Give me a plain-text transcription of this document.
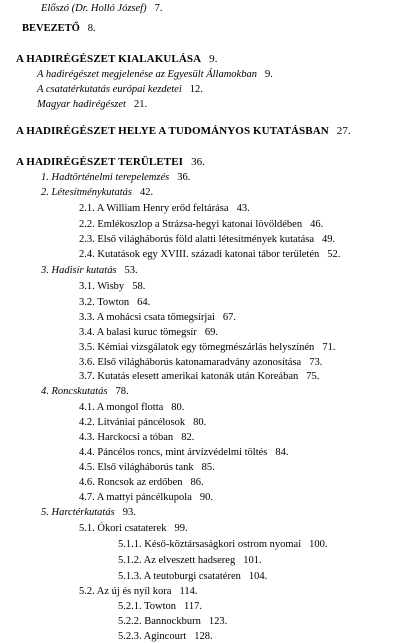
Előszó (Dr. Holló József) 7.
BEVEZETŐ 8.
A HADIRÉGÉSZET KIALAKULÁSA 9.
A hadirégészet megjelenése az Egyesült Államokban 9.
A csatatérkutatás európai kezdetei 12.
Magyar hadirégészet 21.
A HADIRÉGÉSZET HELYE A TUDOMÁNYOS KUTATÁSBAN 27.
A HADIRÉGÉSZET TERÜLETEI 36.
1. Hadtörténelmi terepelemzés 36.
2. Létesítménykutatás 42.
2.1. A William Henry erőd feltárása 43.
2.2. Emlékoszlop a Strázsa-hegyi katonai lövöldében 46.
2.3. Első világháborús föld alatti létesítmények kutatása 49.
2.4. Kutatások egy XVIII. századi katonai tábor területén 52.
3. Hadisír kutatás 53.
3.1. Wisby 58.
3.2. Towton 64.
3.3. A mohácsi csata tömegsírjai 67.
3.4. A balasi kuruc tömegsír 69.
3.5. Kémiai vizsgálatok egy tömegmészárlás helyszínén 71.
3.6. Első világháborús katonamaradvány azonosítása 73.
3.7. Kutatás elesett amerikai katonák után Koreában 75.
4. Roncskutatás 78.
4.1. A mongol flotta 80.
4.2. Litvániai páncélosok 80.
4.3. Harckocsi a tóban 82.
4.4. Páncélos roncs, mint árvízvédelmi töltés 84.
4.5. Első világháborús tank 85.
4.6. Roncsok az erdőben 86.
4.7. A mattyi páncélkupola 90.
5. Harctérkutatás 93.
5.1. Ókori csataterek 99.
5.1.1. Késő-köztársaságkori ostrom nyomai 100.
5.1.2. Az elveszett hadsereg 101.
5.1.3. A teutoburgi csatatéren 104.
5.2. Az új és nyíl kora 114.
5.2.1. Towton 117.
5.2.2. Bannockburn 123.
5.2.3. Agincourt 128.
